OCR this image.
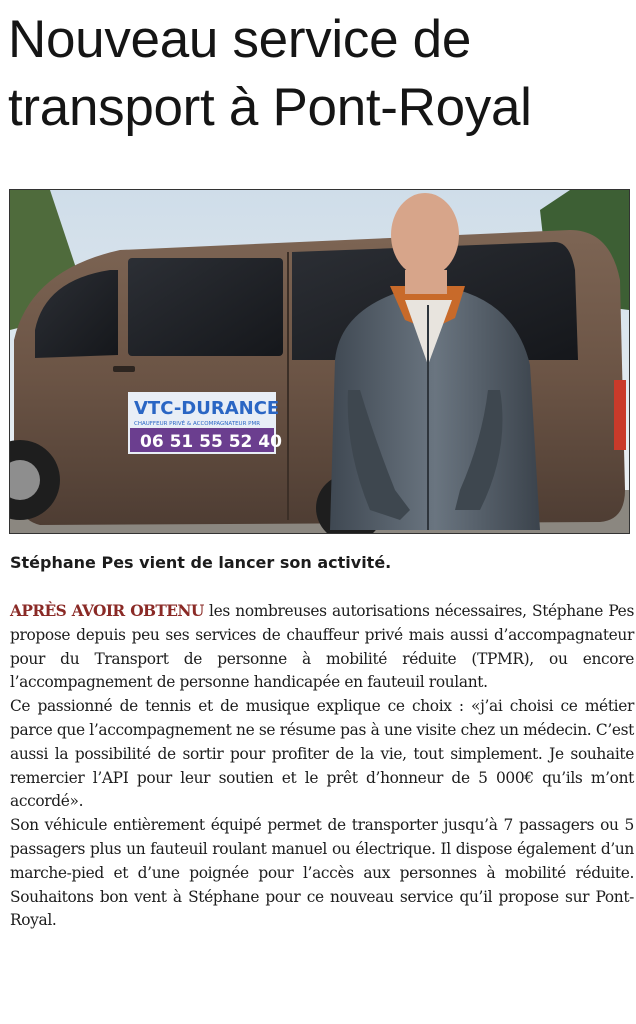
Nouveau service de
transport à Pont-Royal
VTC-DURANCE
CHAUFFEUR PRIVÉ & ACCOMPAGNATEUR PMR
06 51 55 52 40

Stéphane Pes vient de lancer son activité.

APRÈS AVOIR OBTENU les nombreuses autorisations nécessaires, Stéphane Pes propose depuis peu ses services de chauffeur privé mais aussi d’accompagnateur pour du Transport de personne à mobilité réduite (TPMR), ou encore l’accompagnement de personne handicapée en fauteuil roulant.

Ce passionné de tennis et de musique explique ce choix : «j’ai choisi ce métier parce que l’accompagnement ne se résume pas à une visite chez un médecin. C’est aussi la possibilité de sortir pour profiter de la vie, tout simplement. Je souhaite remercier l’API pour leur soutien et le prêt d’honneur de 5 000€ qu’ils m’ont accordé».

Son véhicule entièrement équipé permet de transporter jusqu’à 7 passagers ou 5 passagers plus un fauteuil roulant manuel ou électrique. Il dispose également d’un marche-pied et d’une poignée pour l’accès aux personnes à mobilité réduite. Souhaitons bon vent à Stéphane pour ce nouveau service qu’il propose sur Pont-Royal.
